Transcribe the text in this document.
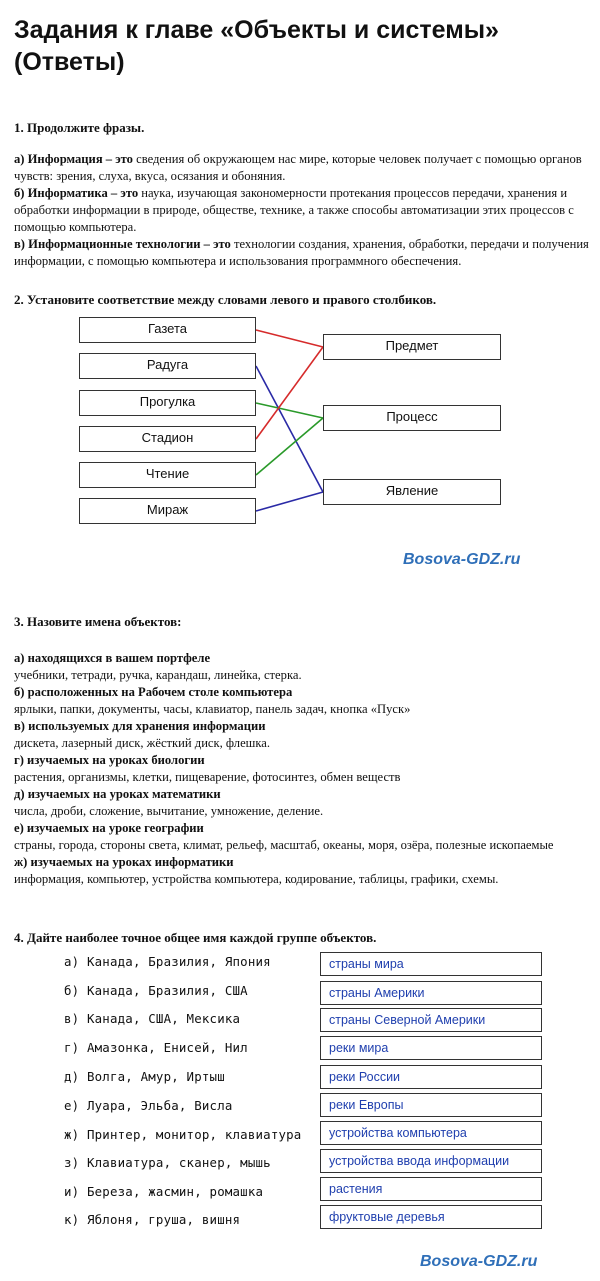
Задания к главе «Объекты и системы» (Ответы)
1. Продолжите фразы.
а) Информация – это сведения об окружающем нас мире, которые человек получает с помощью органов чувств: зрения, слуха, вкуса, осязания и обоняния.
б) Информатика – это наука, изучающая закономерности протекания процессов передачи, хранения и обработки информации в природе, обществе, технике, а также способы автоматизации этих процессов с помощью компьютера.
в) Информационные технологии – это технологии создания, хранения, обработки, передачи и получения информации, с помощью компьютера и использования программного обеспечения.
2. Установите соответствие между словами левого и правого столбиков.
Газета
Радуга
Прогулка
Стадион
Чтение
Мираж
Предмет
Процесс
Явление
Bosova-GDZ.ru
3. Назовите имена объектов:
а) находящихся в вашем портфеле
учебники, тетради, ручка, карандаш, линейка, стерка.
б) расположенных на Рабочем столе компьютера
ярлыки, папки, документы, часы, клавиатор, панель задач, кнопка «Пуск»
в) используемых для хранения информации
дискета, лазерный диск, жёсткий диск, флешка.
г) изучаемых на уроках биологии
растения, организмы, клетки, пищеварение, фотосинтез, обмен веществ
д) изучаемых на уроках математики
числа, дроби, сложение, вычитание, умножение, деление.
е) изучаемых на уроке географии
страны, города, стороны света, климат, рельеф, масштаб, океаны, моря, озёра, полезные ископаемые
ж) изучаемых на уроках информатики
информация, компьютер, устройства компьютера, кодирование, таблицы, графики, схемы.
4. Дайте наиболее точное общее имя каждой группе объектов.
а) Канада, Бразилия, Япония	страны мира
б) Канада, Бразилия, США	страны Америки
в) Канада, США, Мексика	страны Северной Америки
г) Амазонка, Енисей, Нил	реки мира
д) Волга, Амур, Иртыш	реки России
е) Луара, Эльба, Висла	реки Европы
ж) Принтер, монитор, клавиатура	устройства компьютера
з) Клавиатура, сканер, мышь	устройства ввода информации
и) Береза, жасмин, ромашка	растения
к) Яблоня, груша, вишня	фруктовые деревья
Bosova-GDZ.ru
